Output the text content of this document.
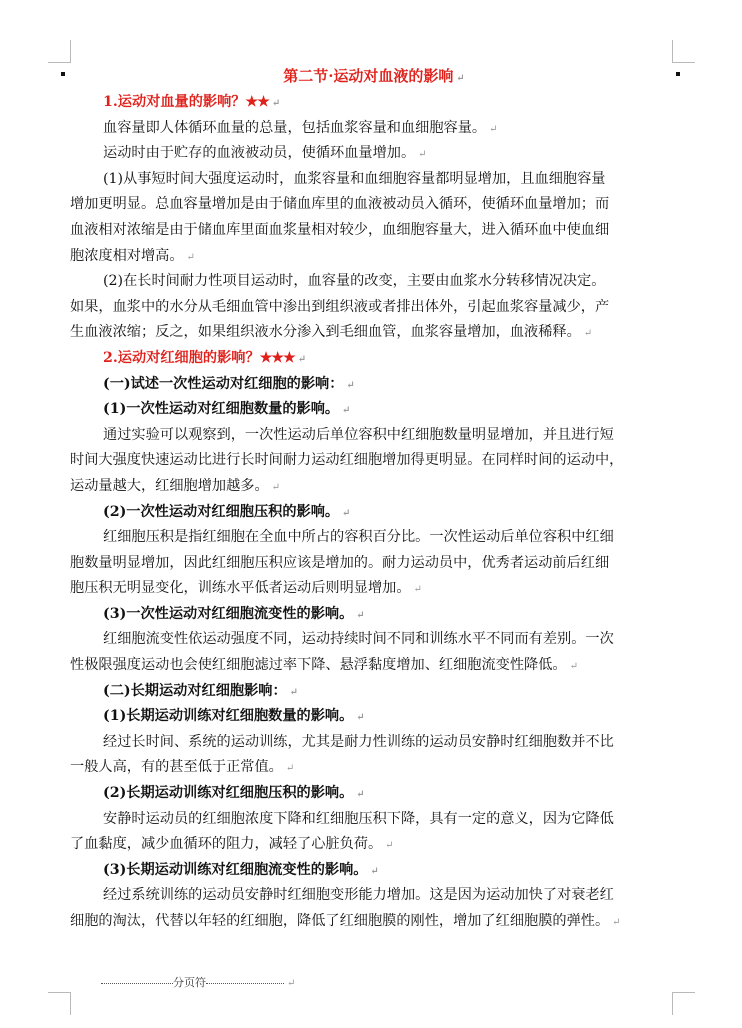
第二节·运动对血液的影响 ↵
1.运动对血量的影响？★★ ↵
血容量即人体循环血量的总量，包括血浆容量和血细胞容量。 ↵
运动时由于贮存的血液被动员，使循环血量增加。 ↵
(1)从事短时间大强度运动时，血浆容量和血细胞容量都明显增加，且血细胞容量
增加更明显。总血容量增加是由于储血库里的血液被动员入循环，使循环血量增加；而
血液相对浓缩是由于储血库里面血浆量相对较少，血细胞容量大，进入循环血中使血细
胞浓度相对增高。 ↵
(2)在长时间耐力性项目运动时，血容量的改变，主要由血浆水分转移情况决定。
如果，血浆中的水分从毛细血管中渗出到组织液或者排出体外，引起血浆容量减少，产
生血液浓缩；反之，如果组织液水分渗入到毛细血管，血浆容量增加，血液稀释。 ↵
2.运动对红细胞的影响？★★★ ↵
(一)试述一次性运动对红细胞的影响： ↵
(1)一次性运动对红细胞数量的影响。 ↵
通过实验可以观察到，一次性运动后单位容积中红细胞数量明显增加，并且进行短
时间大强度快速运动比进行长时间耐力运动红细胞增加得更明显。在同样时间的运动中，
运动量越大，红细胞增加越多。 ↵
(2)一次性运动对红细胞压积的影响。 ↵
红细胞压积是指红细胞在全血中所占的容积百分比。一次性运动后单位容积中红细
胞数量明显增加，因此红细胞压积应该是增加的。耐力运动员中，优秀者运动前后红细
胞压积无明显变化，训练水平低者运动后则明显增加。 ↵
(3)一次性运动对红细胞流变性的影响。 ↵
红细胞流变性依运动强度不同，运动持续时间不同和训练水平不同而有差别。一次
性极限强度运动也会使红细胞滤过率下降、悬浮黏度增加、红细胞流变性降低。 ↵
(二)长期运动对红细胞影响： ↵
(1)长期运动训练对红细胞数量的影响。 ↵
经过长时间、系统的运动训练，尤其是耐力性训练的运动员安静时红细胞数并不比
一般人高，有的甚至低于正常值。 ↵
(2)长期运动训练对红细胞压积的影响。 ↵
安静时运动员的红细胞浓度下降和红细胞压积下降，具有一定的意义，因为它降低
了血黏度，减少血循环的阻力，减轻了心脏负荷。 ↵
(3)长期运动训练对红细胞流变性的影响。 ↵
经过系统训练的运动员安静时红细胞变形能力增加。这是因为运动加快了对衰老红
细胞的淘汰，代替以年轻的红细胞，降低了红细胞膜的刚性，增加了红细胞膜的弹性。 ↵
分页符	↵
